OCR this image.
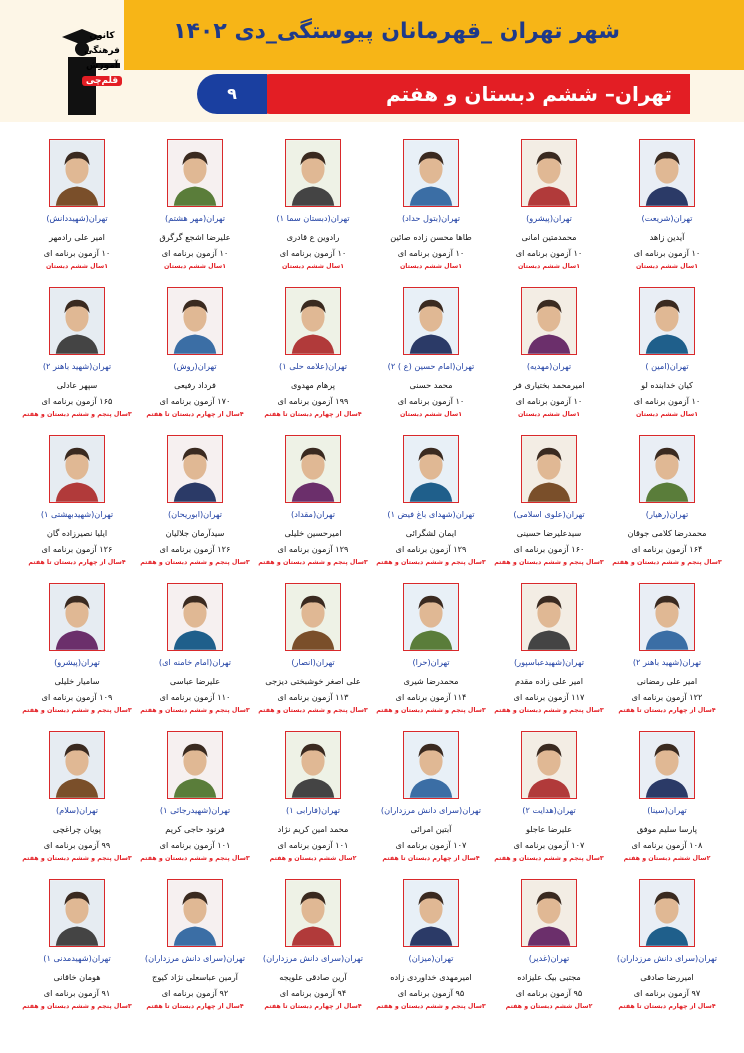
شهر تهران _قهرمانان پیوستگی_دی ۱۴۰۲
تهران– ششم دبستان و هفتم
۹
کانون
فرهنگی
آموزش
قلم‌چی
تهران(شریعت)
آیدین زاهد
۱۰ آزمون برنامه ای
۱سال ششم دبستان
تهران(پیشرو)
محمدمتین امانی
۱۰ آزمون برنامه ای
۱سال ششم دبستان
تهران(بتول حداد)
طاها محسن زاده صائین
۱۰ آزمون برنامه ای
۱سال ششم دبستان
تهران(دبستان سما ۱)
رادوین ع قادری
۱۰ آزمون برنامه ای
۱سال ششم دبستان
تهران(مهر هشتم)
علیرضا اشجع گرگرق
۱۰ آزمون برنامه ای
۱سال ششم دبستان
تهران(شهیددانش)
امیر علی رادمهر
۱۰ آزمون برنامه ای
۱سال ششم دبستان
تهران(امین )
کیان خدابنده لو
۱۰ آزمون برنامه ای
۱سال ششم دبستان
تهران(مهدیه)
امیرمحمد بختیاری فر
۱۰ آزمون برنامه ای
۱سال ششم دبستان
تهران(امام حسین (ع ) ۲)
محمد حسنی
۱۰ آزمون برنامه ای
۱سال ششم دبستان
تهران(علامه حلی ۱)
پرهام مهدوی
۱۹۹ آزمون برنامه ای
۴سال از چهارم دبستان تا هفتم
تهران(روش)
فرداد رفیعی
۱۷۰ آزمون برنامه ای
۴سال از چهارم دبستان تا هفتم
تهران(شهید باهنر ۲)
سپهر عادلی
۱۶۵ آزمون برنامه ای
۳سال پنجم و ششم دبستان و هفتم
تهران(رهیار)
محمدرضا کلامی جوقان
۱۶۴ آزمون برنامه ای
۳سال پنجم و ششم دبستان و هفتم
تهران(علوی اسلامی)
سیدعلیرضا حسینی
۱۶۰ آزمون برنامه ای
۳سال پنجم و ششم دبستان و هفتم
تهران(شهدای باغ فیض ۱)
ایمان لشگرائی
۱۲۹ آزمون برنامه ای
۳سال پنجم و ششم دبستان و هفتم
تهران(مقداد)
امیرحسین خلیلی
۱۲۹ آزمون برنامه ای
۳سال پنجم و ششم دبستان و هفتم
تهران(ابوریحان)
سیدآرمان جلالیان
۱۲۶ آزمون برنامه ای
۳سال پنجم و ششم دبستان و هفتم
تهران(شهیدبهشتی ۱)
ایلیا نصیرزاده گان
۱۲۶ آزمون برنامه ای
۴سال از چهارم دبستان تا هفتم
تهران(شهید باهنر ۲)
امیر علی رمضانی
۱۲۲ آزمون برنامه ای
۴سال از چهارم دبستان تا هفتم
تهران(شهیدعباسپور)
امیر علی زاده مقدم
۱۱۷ آزمون برنامه ای
۳سال پنجم و ششم دبستان و هفتم
تهران(حرا)
محمدرضا شیری
۱۱۴ آزمون برنامه ای
۳سال پنجم و ششم دبستان و هفتم
تهران(انصار)
علی اصغر خوشبختی دیزجی
۱۱۳ آزمون برنامه ای
۳سال پنجم و ششم دبستان و هفتم
تهران(امام خامنه ای)
علیرضا عباسی
۱۱۰ آزمون برنامه ای
۳سال پنجم و ششم دبستان و هفتم
تهران(پیشرو)
سامیار خلیلی
۱۰۹ آزمون برنامه ای
۳سال پنجم و ششم دبستان و هفتم
تهران(سینا)
پارسا سلیم موفق
۱۰۸ آزمون برنامه ای
۲سال ششم دبستان و هفتم
تهران(هدایت ۲)
علیرضا عاجلو
۱۰۷ آزمون برنامه ای
۳سال پنجم و ششم دبستان و هفتم
تهران(سرای دانش مرزداران)
آبتین امرائی
۱۰۷ آزمون برنامه ای
۴سال از چهارم دبستان تا هفتم
تهران(فارابی ۱)
محمد امین کریم نژاد
۱۰۱ آزمون برنامه ای
۲سال ششم دبستان و هفتم
تهران(شهیدرجائی ۱)
فرنود حاجی کریم
۱۰۱ آزمون برنامه ای
۳سال پنجم و ششم دبستان و هفتم
تهران(سلام)
پویان چراغچی
۹۹ آزمون برنامه ای
۳سال پنجم و ششم دبستان و هفتم
تهران(سرای دانش مرزداران)
امیررضا صادقی
۹۷ آزمون برنامه ای
۴سال از چهارم دبستان تا هفتم
تهران(غدیر)
مجتبی بیک علیزاده
۹۵ آزمون برنامه ای
۲سال ششم دبستان و هفتم
تهران(میزان)
امیرمهدی خداوردی زاده
۹۵ آزمون برنامه ای
۳سال پنجم و ششم دبستان و هفتم
تهران(سرای دانش مرزداران)
آرین صادقی علویجه
۹۴ آزمون برنامه ای
۴سال از چهارم دبستان تا هفتم
تهران(سرای دانش مرزداران)
آرمین عباسعلی نژاد کیوج
۹۲ آزمون برنامه ای
۴سال از چهارم دبستان تا هفتم
تهران(شهیدمدنی ۱)
هومان خاقانی
۹۱ آزمون برنامه ای
۳سال پنجم و ششم دبستان و هفتم
